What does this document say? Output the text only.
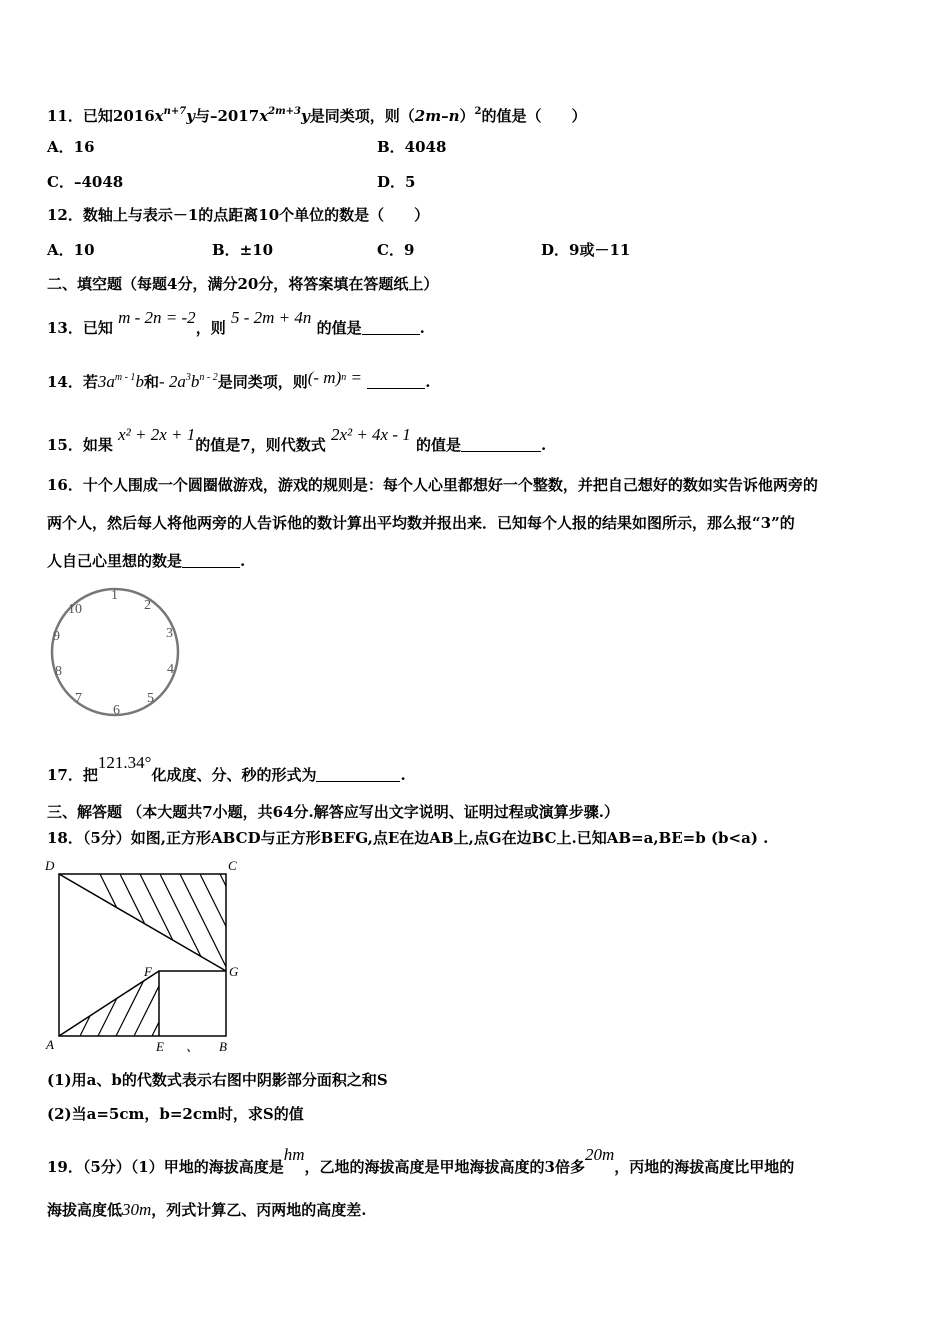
11．已知$2016x^{n+7}y$与$-2017x^{2m+3}y$是同类项，则$(2m-n)^2$的值是（　　）
A．16	B．4048
C．–4048	D．5
12．数轴上与表示－1的点距离10个单位的数是（　　）
A．10	B．±10	C．9	D．9或－11
二、填空题（每题4分，满分20分，将答案填在答题纸上）
13．已知 m - 2n = -2，则 5 - 2m + 4n 的值是	.
14．若$3a^{m - 1}b$和- $2a^3b^{n - 2}$是同类项，则(- m)$^n$ =	.
15．如果 x² + 2x + 1的值是7，则代数式 2x² + 4x - 1 的值是	.
16．十个人围成一个圆圈做游戏，游戏的规则是：每个人心里都想好一个整数，并把自己想好的数如实告诉他两旁的
两个人，然后每人将他两旁的人告诉他的数计算出平均数并报出来．已知每个人报的结果如图所示，那么报“3”的
人自己心里想的数是	.
1
2
3
4
5
6
7
8
9
10
17．把121.34°化成度、分、秒的形式为	.
三、解答题 （本大题共7小题，共64分.解答应写出文字说明、证明过程或演算步骤.）
18．（5分）如图,正方形ABCD与正方形BEFG,点E在边AB上,点G在边BC上.已知AB=a,BE=b (b<a) .
D	C
F	G
A	E 、 B
(1)用a、b的代数式表示右图中阴影部分面积之和S
(2)当a=5cm，b=2cm时，求S的值
19．（5分）（1）甲地的海拔高度是hm，乙地的海拔高度是甲地海拔高度的3倍多20m，丙地的海拔高度比甲地的
海拔高度低30m，列式计算乙、丙两地的高度差.
